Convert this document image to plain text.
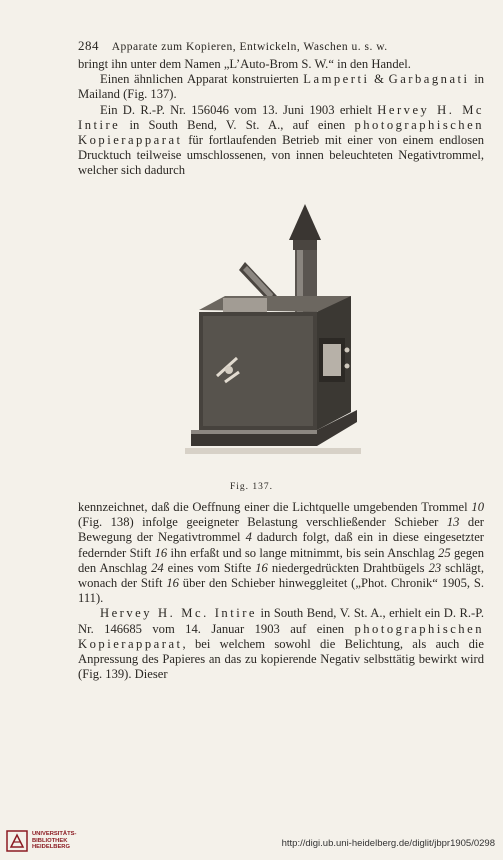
284 Apparate zum Kopieren, Entwickeln, Waschen u. s. w.

bringt ihn unter dem Namen „L’Auto-Brom S. W.“ in den Handel.

Einen ähnlichen Apparat konstruierten Lamperti & Garbagnati in Mailand (Fig. 137).

Ein D. R.-P. Nr. 156046 vom 13. Juni 1903 erhielt Hervey H. Mc Intire in South Bend, V. St. A., auf einen photographischen Kopierapparat für fortlaufenden Betrieb mit einer von einem endlosen Drucktuch teilweise umschlossenen, von innen beleuchteten Negativtrommel, welcher sich dadurch

Fig. 137.

kennzeichnet, daß die Oeffnung einer die Lichtquelle umgebenden Trommel 10 (Fig. 138) infolge geeigneter Belastung verschließender Schieber 13 der Bewegung der Negativtrommel 4 dadurch folgt, daß ein in diese eingesetzter federnder Stift 16 ihn erfaßt und so lange mitnimmt, bis sein Anschlag 25 gegen den Anschlag 24 eines vom Stifte 16 niedergedrückten Drahtbügels 23 schlägt, wonach der Stift 16 über den Schieber hinweggleitet („Phot. Chronik“ 1905, S. 111).

Hervey H. Mc. Intire in South Bend, V. St. A., erhielt ein D. R.-P. Nr. 146685 vom 14. Januar 1903 auf einen photographischen Kopierapparat, bei welchem sowohl die Belichtung, als auch die Anpressung des Papieres an das zu kopierende Negativ selbsttätig bewirkt wird (Fig. 139). Dieser

UNIVERSITÄTS-
BIBLIOTHEK
HEIDELBERG	http://digi.ub.uni-heidelberg.de/diglit/jbpr1905/0298
